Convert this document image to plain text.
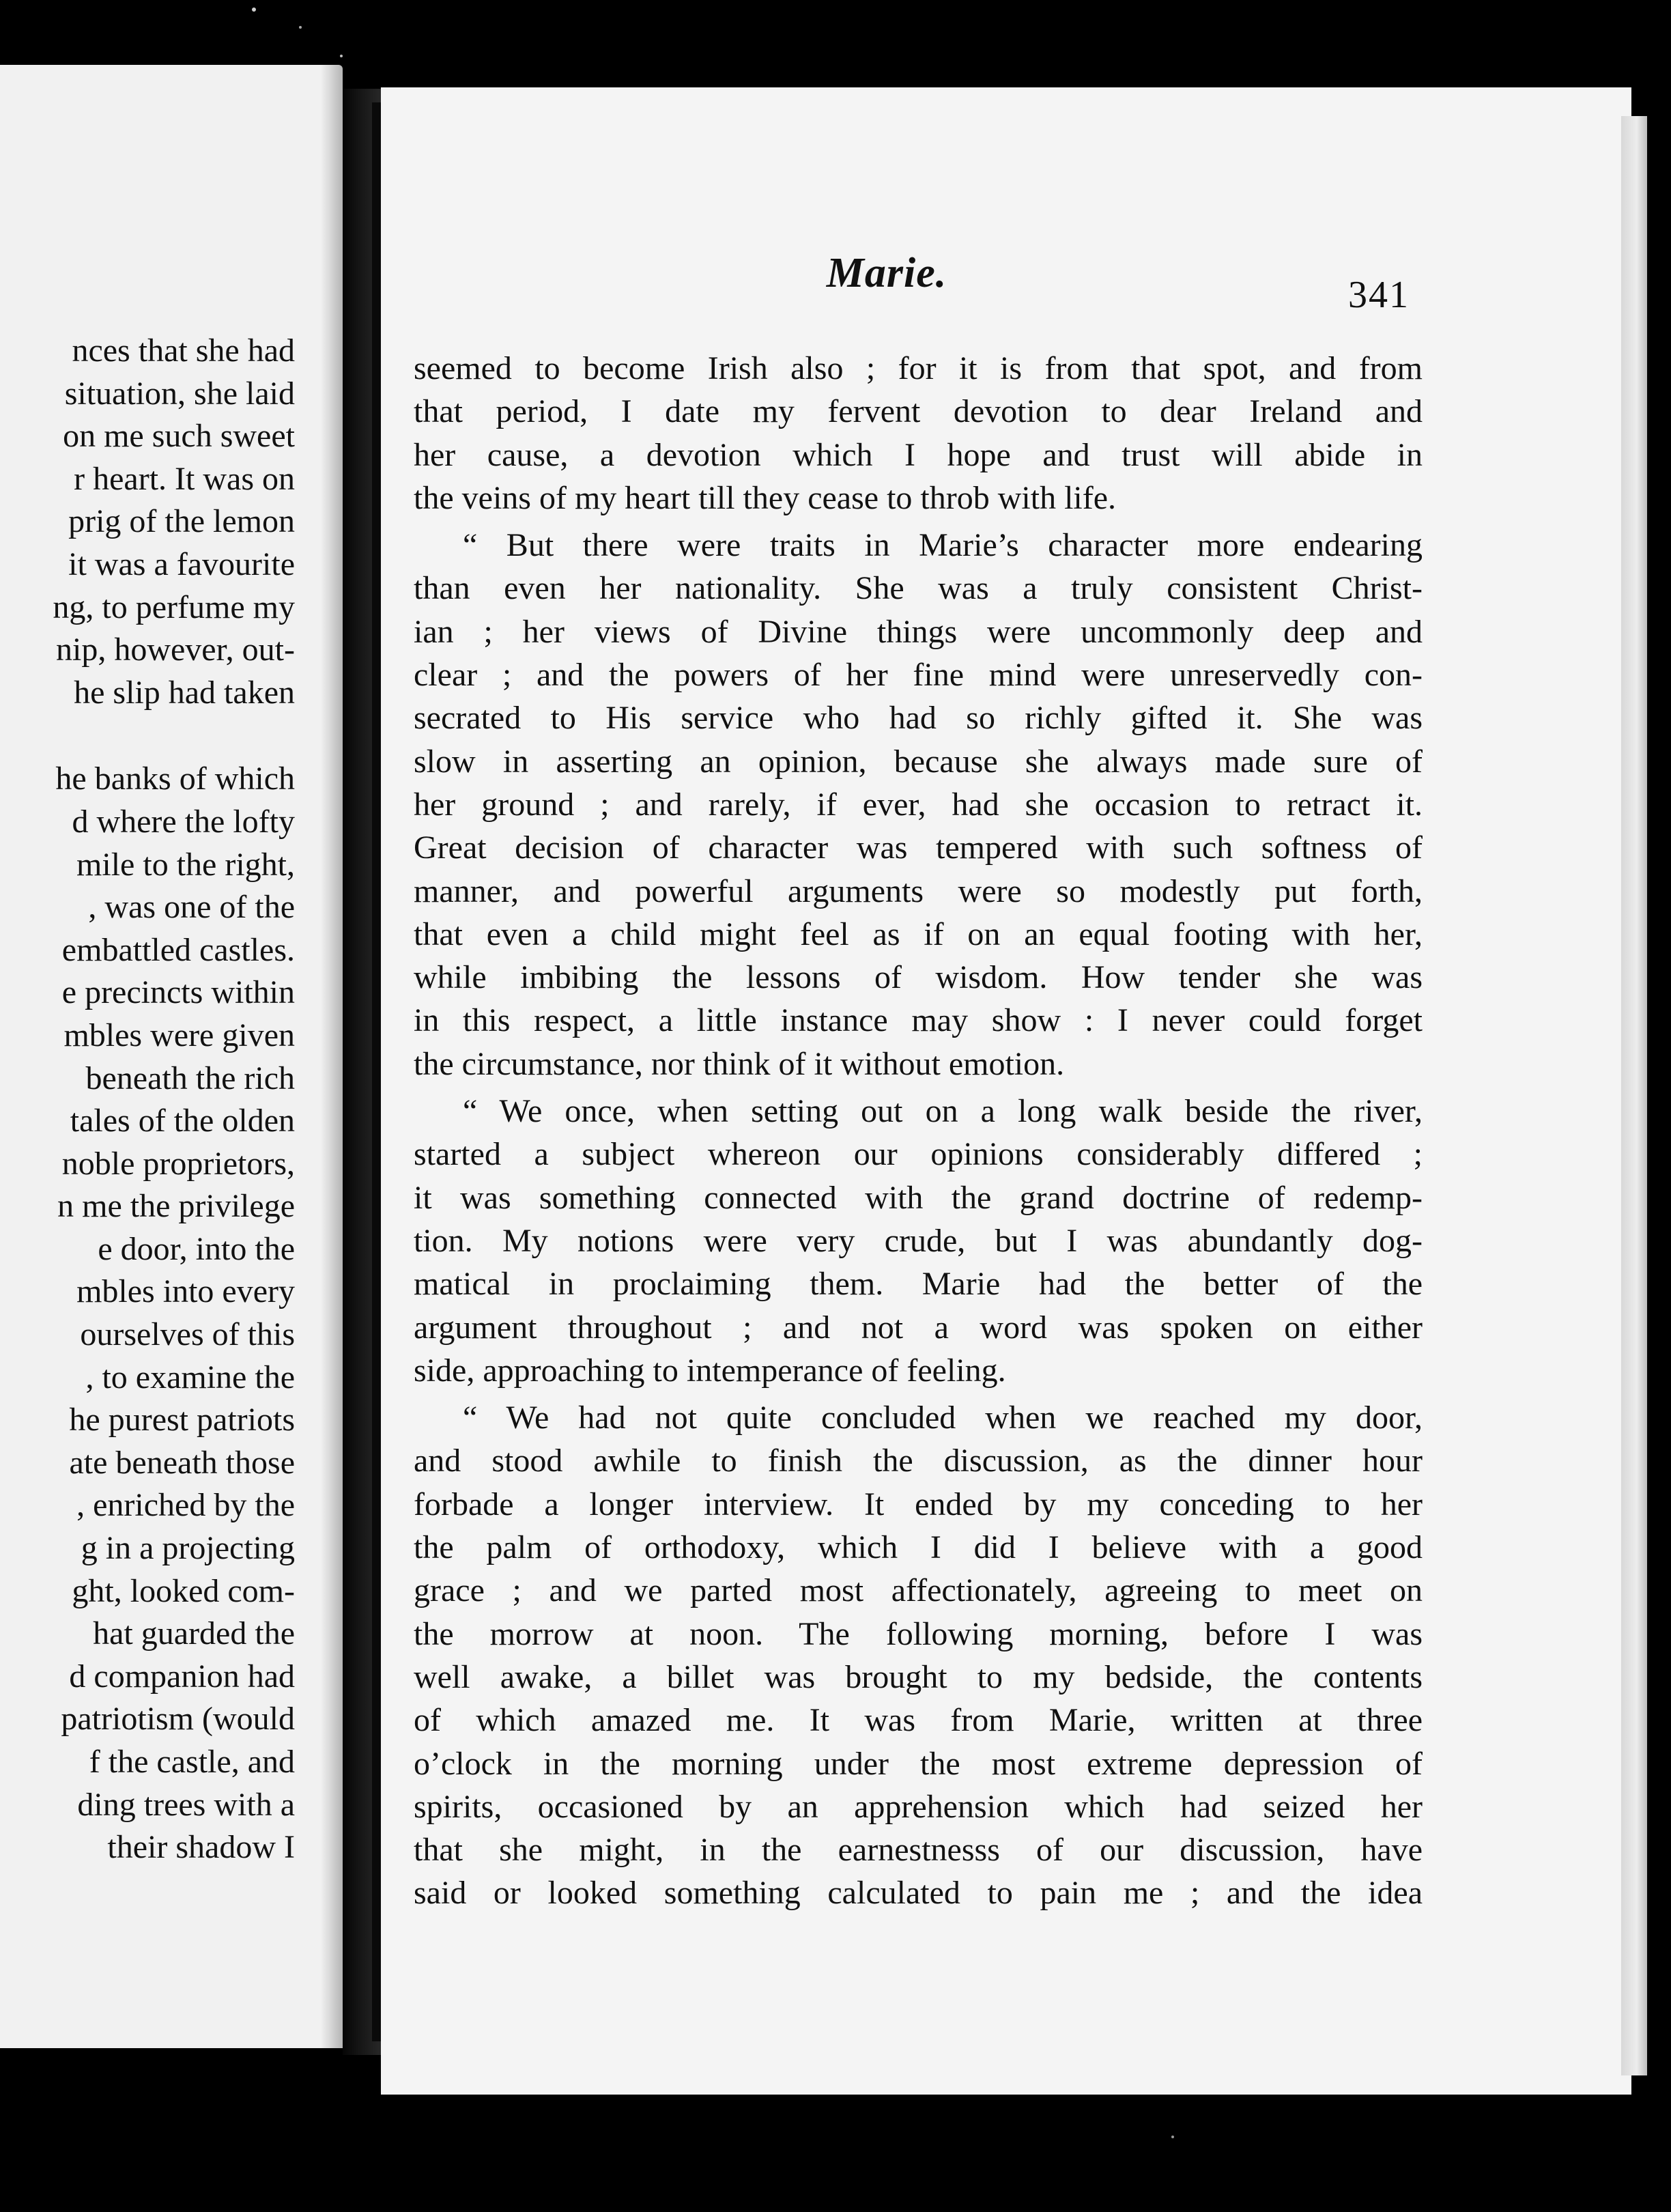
nces that she had
situation, she laid
on me such sweet
r heart. It was on
prig of the lemon
it was a favourite
ng, to perfume my
nip, however, out-
he slip had taken
he banks of which
d where the lofty
mile to the right,
, was one of the
embattled castles.
e precincts within
mbles were given
beneath the rich
tales of the olden
noble proprietors,
n me the privilege
e door, into the
mbles into every
ourselves of this
, to examine the
he purest patriots
ate beneath those
, enriched by the
g in a projecting
ght, looked com-
hat guarded the
d companion had
patriotism (would
f the castle, and
ding trees with a
their shadow I
Marie.	341
seemed to become Irish also ; for it is from that spot, and from
that period, I date my fervent devotion to dear Ireland and
her cause, a devotion which I hope and trust will abide in
the veins of my heart till they cease to throb with life.
“ But there were traits in Marie’s character more endearing
than even her nationality. She was a truly consistent Christ-
ian ; her views of Divine things were uncommonly deep and
clear ; and the powers of her fine mind were unreservedly con-
secrated to His service who had so richly gifted it. She was
slow in asserting an opinion, because she always made sure of
her ground ; and rarely, if ever, had she occasion to retract it.
Great decision of character was tempered with such softness of
manner, and powerful arguments were so modestly put forth,
that even a child might feel as if on an equal footing with her,
while imbibing the lessons of wisdom. How tender she was
in this respect, a little instance may show : I never could forget
the circumstance, nor think of it without emotion.
“ We once, when setting out on a long walk beside the river,
started a subject whereon our opinions considerably differed ;
it was something connected with the grand doctrine of redemp-
tion. My notions were very crude, but I was abundantly dog-
matical in proclaiming them. Marie had the better of the
argument throughout ; and not a word was spoken on either
side, approaching to intemperance of feeling.
“ We had not quite concluded when we reached my door,
and stood awhile to finish the discussion, as the dinner hour
forbade a longer interview. It ended by my conceding to her
the palm of orthodoxy, which I did I believe with a good
grace ; and we parted most affectionately, agreeing to meet on
the morrow at noon. The following morning, before I was
well awake, a billet was brought to my bedside, the contents
of which amazed me. It was from Marie, written at three
o’clock in the morning under the most extreme depression of
spirits, occasioned by an apprehension which had seized her
that she might, in the earnestnesss of our discussion, have
said or looked something calculated to pain me ; and the idea
